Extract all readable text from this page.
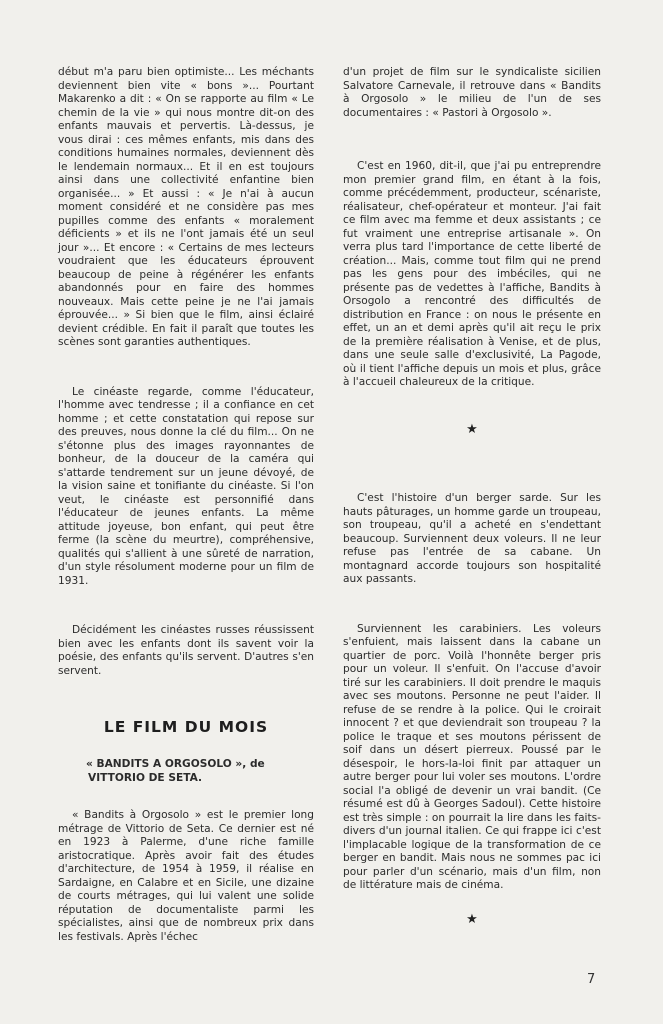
début m'a paru bien optimiste... Les méchants deviennent bien vite « bons »... Pourtant Makarenko a dit : « On se rapporte au film « Le chemin de la vie » qui nous montre dit-on des enfants mauvais et pervertis. Là-dessus, je vous dirai : ces mêmes enfants, mis dans des conditions humaines normales, deviennent dès le lendemain normaux... Et il en est toujours ainsi dans une collectivité enfantine bien organisée... » Et aussi : « Je n'ai à aucun moment considéré et ne considère pas mes pupilles comme des enfants « moralement déficients » et ils ne l'ont jamais été un seul jour »... Et encore : « Certains de mes lecteurs voudraient que les éducateurs éprouvent beaucoup de peine à régénérer les enfants abandonnés pour en faire des hommes nouveaux. Mais cette peine je ne l'ai jamais éprouvée... » Si bien que le film, ainsi éclairé devient crédible. En fait il paraît que toutes les scènes sont garanties authentiques.

Le cinéaste regarde, comme l'éducateur, l'homme avec tendresse ; il a confiance en cet homme ; et cette constatation qui repose sur des preuves, nous donne la clé du film... On ne s'étonne plus des images rayonnantes de bonheur, de la douceur de la caméra qui s'attarde tendrement sur un jeune dévoyé, de la vision saine et tonifiante du cinéaste. Si l'on veut, le cinéaste est personnifié dans l'éducateur de jeunes enfants. La même attitude joyeuse, bon enfant, qui peut être ferme (la scène du meurtre), compréhensive, qualités qui s'allient à une sûreté de narration, d'un style résolument moderne pour un film de 1931.

Décidément les cinéastes russes réussissent bien avec les enfants dont ils savent voir la poésie, des enfants qu'ils servent. D'autres s'en servent.

LE FILM DU MOIS

« BANDITS A ORGOSOLO », de VITTORIO DE SETA.

« Bandits à Orgosolo » est le premier long métrage de Vittorio de Seta. Ce dernier est né en 1923 à Palerme, d'une riche famille aristocratique. Après avoir fait des études d'architecture, de 1954 à 1959, il réalise en Sardaigne, en Calabre et en Sicile, une dizaine de courts métrages, qui lui valent une solide réputation de documentaliste parmi les spécialistes, ainsi que de nombreux prix dans les festivals. Après l'échec

d'un projet de film sur le syndicaliste sicilien Salvatore Carnevale, il retrouve dans « Bandits à Orgosolo » le milieu de l'un de ses documentaires : « Pastori à Orgosolo ».

C'est en 1960, dit-il, que j'ai pu entreprendre mon premier grand film, en étant à la fois, comme précédemment, producteur, scénariste, réalisateur, chef-opérateur et monteur. J'ai fait ce film avec ma femme et deux assistants ; ce fut vraiment une entreprise artisanale ». On verra plus tard l'importance de cette liberté de création... Mais, comme tout film qui ne prend pas les gens pour des imbéciles, qui ne présente pas de vedettes à l'affiche, Bandits à Orsogolo a rencontré des difficultés de distribution en France : on nous le présente en effet, un an et demi après qu'il ait reçu le prix de la première réalisation à Venise, et de plus, dans une seule salle d'exclusivité, La Pagode, où il tient l'affiche depuis un mois et plus, grâce à l'accueil chaleureux de la critique.

★

C'est l'histoire d'un berger sarde. Sur les hauts pâturages, un homme garde un troupeau, son troupeau, qu'il a acheté en s'endettant beaucoup. Surviennent deux voleurs. Il ne leur refuse pas l'entrée de sa cabane. Un montagnard accorde toujours son hospitalité aux passants.

Surviennent les carabiniers. Les voleurs s'enfuient, mais laissent dans la cabane un quartier de porc. Voilà l'honnête berger pris pour un voleur. Il s'enfuit. On l'accuse d'avoir tiré sur les carabiniers. Il doit prendre le maquis avec ses moutons. Personne ne peut l'aider. Il refuse de se rendre à la police. Qui le croirait innocent ? et que deviendrait son troupeau ? la police le traque et ses moutons périssent de soif dans un désert pierreux. Poussé par le désespoir, le hors-la-loi finit par attaquer un autre berger pour lui voler ses moutons. L'ordre social l'a obligé de devenir un vrai bandit. (Ce résumé est dû à Georges Sadoul). Cette histoire est très simple : on pourrait la lire dans les faits-divers d'un journal italien. Ce qui frappe ici c'est l'implacable logique de la transformation de ce berger en bandit. Mais nous ne sommes pac ici pour parler d'un scénario, mais d'un film, non de littérature mais de cinéma.

★
7
